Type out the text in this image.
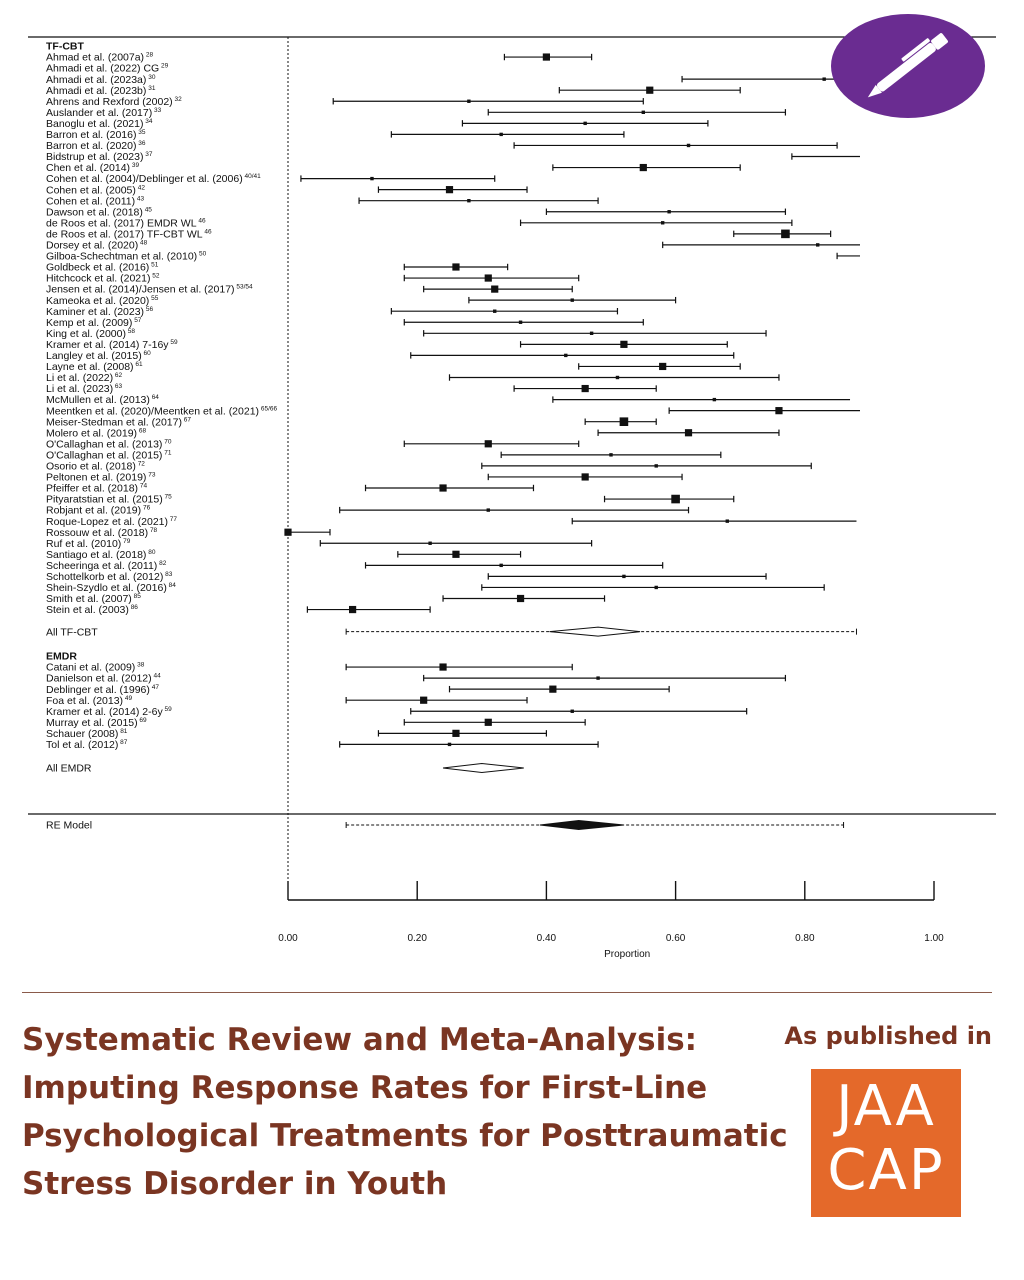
TF-CBT
Ahmad et al. (2007a) $^{28}$
Ahmadi et al. (2022) CG $^{29}$
Ahmadi et al. (2023a) $^{30}$
Ahmadi et al. (2023b) $^{31}$
Ahrens and Rexford (2002) $^{32}$
Auslander et al. (2017) $^{33}$
Banoglu et al. (2021) $^{34}$
Barron et al. (2016) $^{35}$
Barron et al. (2020) $^{36}$
Bidstrup et al. (2023) $^{37}$
Chen et al. (2014) $^{39}$
Cohen et al. (2004)/Deblinger et al. (2006) $^{40/41}$
Cohen et al. (2005) $^{42}$
Cohen et al. (2011) $^{43}$
Dawson et al. (2018) $^{45}$
de Roos et al. (2017) EMDR WL $^{46}$
de Roos et al. (2017) TF-CBT WL $^{46}$
Dorsey et al. (2020) $^{48}$
Gilboa-Schechtman et al. (2010) $^{50}$
Goldbeck et al. (2016) $^{51}$
Hitchcock et al. (2021) $^{52}$
Jensen et al. (2014)/Jensen et al. (2017) $^{53/54}$
Kameoka et al. (2020) $^{55}$
Kaminer et al. (2023) $^{56}$
Kemp et al. (2009) $^{57}$
King et al. (2000) $^{58}$
Kramer et al. (2014) 7-16y $^{59}$
Langley et al. (2015) $^{60}$
Layne et al. (2008) $^{61}$
Li et al. (2022) $^{62}$
Li et al. (2023) $^{63}$
McMullen et al. (2013) $^{64}$
Meentken et al. (2020)/Meentken et al. (2021) $^{65/66}$
Meiser-Stedman et al. (2017) $^{67}$
Molero et al. (2019) $^{68}$
O'Callaghan et al. (2013) $^{70}$
O'Callaghan et al. (2015) $^{71}$
Osorio et al. (2018) $^{72}$
Peltonen et al. (2019) $^{73}$
Pfeiffer et al. (2018) $^{74}$
Pityaratstian et al. (2015) $^{75}$
Robjant et al. (2019) $^{76}$
Roque-Lopez et al. (2021) $^{77}$
Rossouw et al. (2018) $^{78}$
Ruf et al. (2010) $^{79}$
Santiago et al. (2018) $^{80}$
Scheeringa et al. (2011) $^{82}$
Schottelkorb et al. (2012) $^{83}$
Shein-Szydlo et al. (2016) $^{84}$
Smith et al. (2007) $^{85}$
Stein et al. (2003) $^{86}$
All TF-CBT
EMDR
Catani et al. (2009) $^{38}$
Danielson et al. (2012) $^{44}$
Deblinger et al. (1996) $^{47}$
Foa et al. (2013) $^{49}$
Kramer et al. (2014) 2-6y $^{59}$
Murray et al. (2015) $^{69}$
Schauer (2008) $^{81}$
Tol et al. (2012) $^{87}$
All EMDR
RE Model
0.00	0.20	0.40	0.60	0.80	1.00
Proportion
Systematic Review and Meta-Analysis: Imputing Response Rates for First-Line Psychological Treatments for Posttraumatic Stress Disorder in Youth

As published in

JAA
CAP
